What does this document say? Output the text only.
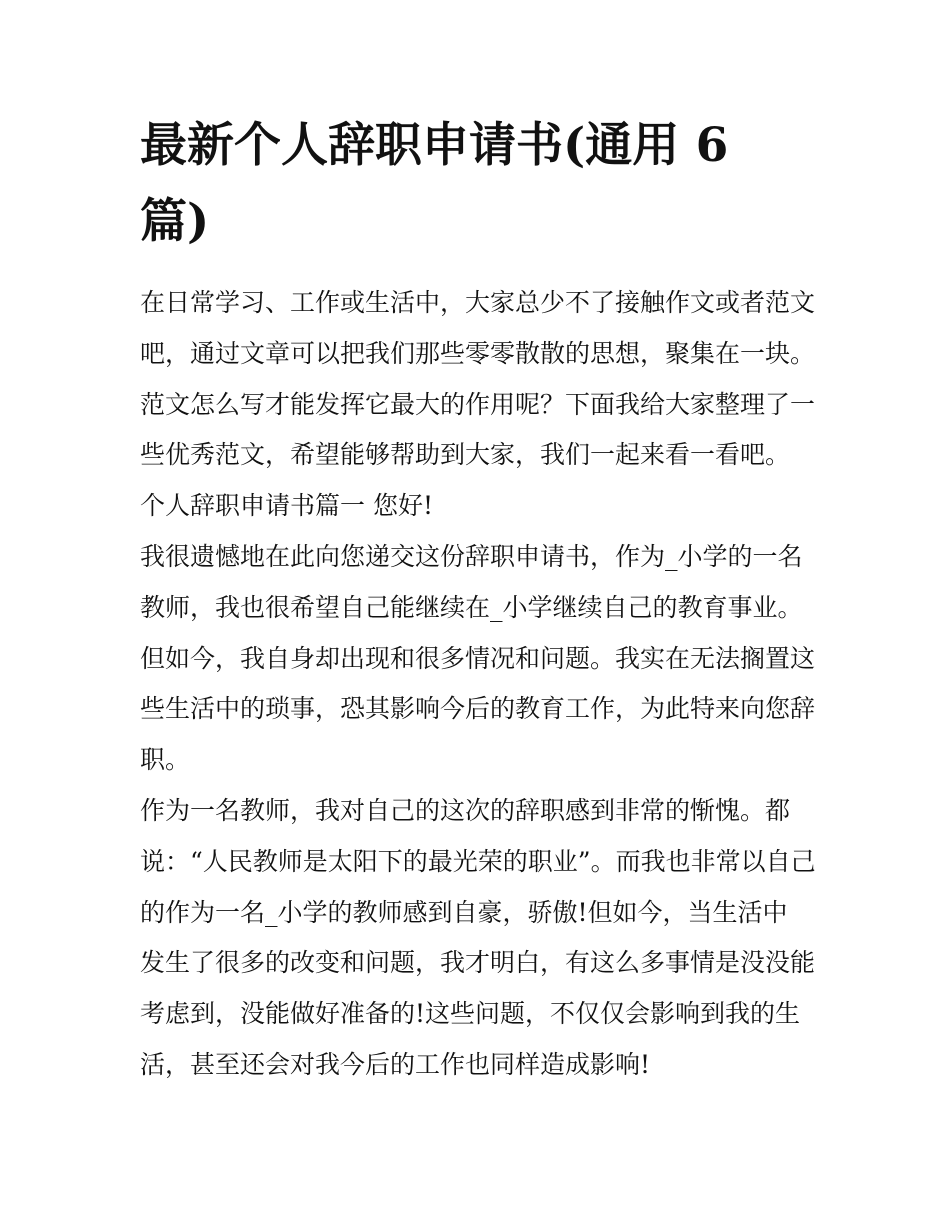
最新个人辞职申请书(通用 6
篇)
在日常学习、工作或生活中，大家总少不了接触作文或者范文
吧，通过文章可以把我们那些零零散散的思想，聚集在一块。
范文怎么写才能发挥它最大的作用呢？下面我给大家整理了一
些优秀范文，希望能够帮助到大家，我们一起来看一看吧。
个人辞职申请书篇一 您好!
我很遗憾地在此向您递交这份辞职申请书，作为_小学的一名
教师，我也很希望自己能继续在_小学继续自己的教育事业。
但如今，我自身却出现和很多情况和问题。我实在无法搁置这
些生活中的琐事，恐其影响今后的教育工作，为此特来向您辞
职。
作为一名教师，我对自己的这次的辞职感到非常的惭愧。都
说：“人民教师是太阳下的最光荣的职业”。而我也非常以自己
的作为一名_小学的教师感到自豪，骄傲!但如今，当生活中
发生了很多的改变和问题，我才明白，有这么多事情是没没能
考虑到，没能做好准备的!这些问题，不仅仅会影响到我的生
活，甚至还会对我今后的工作也同样造成影响!
